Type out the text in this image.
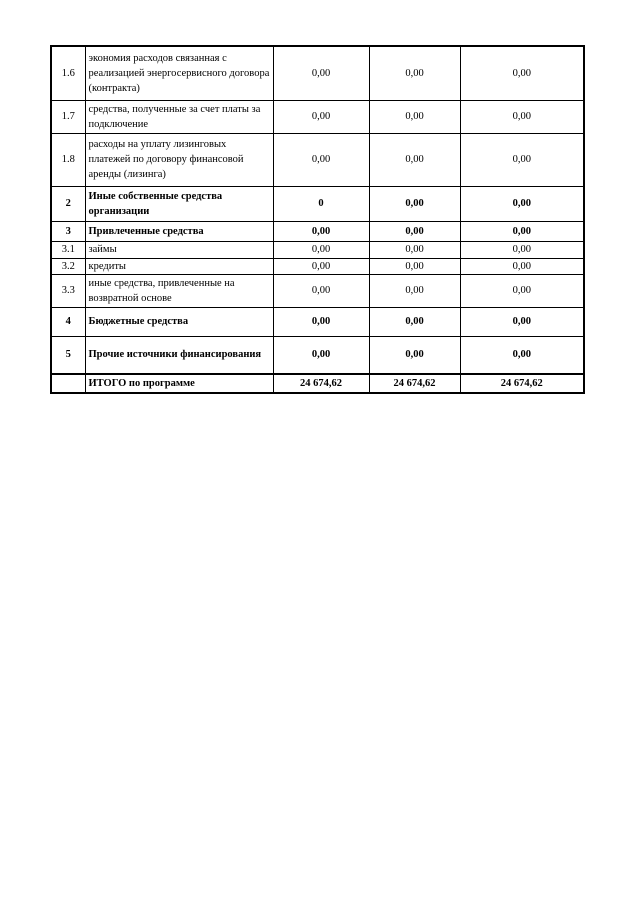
1.6	экономия расходов связанная с реализацией энергосервисного договора (контракта)	0,00	0,00	0,00
1.7	средства, полученные за счет платы за подключение	0,00	0,00	0,00
1.8	расходы на уплату лизинговых платежей по договору финансовой аренды (лизинга)	0,00	0,00	0,00
2	Иные собственные средства организации	0	0,00	0,00
3	Привлеченные средства	0,00	0,00	0,00
3.1	займы	0,00	0,00	0,00
3.2	кредиты	0,00	0,00	0,00
3.3	иные средства, привлеченные на возвратной основе	0,00	0,00	0,00
4	Бюджетные средства	0,00	0,00	0,00
5	Прочие источники финансирования	0,00	0,00	0,00
	ИТОГО по программе	24 674,62	24 674,62	24 674,62
